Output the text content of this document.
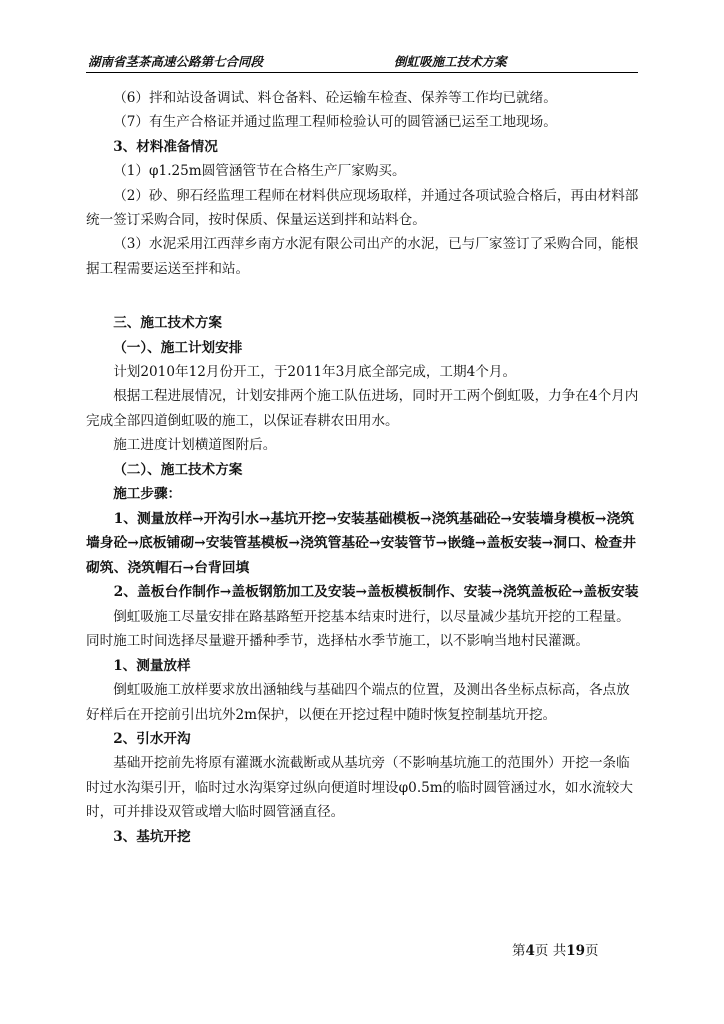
湖南省茎茶高速公路第七合同段	倒虹吸施工技术方案

（6）拌和站设备调试、料仓备料、砼运输车检查、保养等工作均已就绪。

（7）有生产合格证并通过监理工程师检验认可的圆管涵已运至工地现场。

3、材料准备情况

（1）φ1.25m圆管涵管节在合格生产厂家购买。

（2）砂、卵石经监理工程师在材料供应现场取样，并通过各项试验合格后，再由材料部统一签订采购合同，按时保质、保量运送到拌和站料仓。

（3）水泥采用江西萍乡南方水泥有限公司出产的水泥，已与厂家签订了采购合同，能根据工程需要运送至拌和站。

三、施工技术方案

（一）、施工计划安排

计划2010年12月份开工，于2011年3月底全部完成，工期4个月。

根据工程进展情况，计划安排两个施工队伍进场，同时开工两个倒虹吸，力争在4个月内完成全部四道倒虹吸的施工，以保证春耕农田用水。

施工进度计划横道图附后。

（二）、施工技术方案

施工步骤：

1、测量放样→开沟引水→基坑开挖→安装基础模板→浇筑基础砼→安装墙身模板→浇筑墙身砼→底板铺砌→安装管基模板→浇筑管基砼→安装管节→嵌缝→盖板安装→洞口、检查井砌筑、浇筑帽石→台背回填

2、盖板台作制作→盖板钢筋加工及安装→盖板模板制作、安装→浇筑盖板砼→盖板安装

倒虹吸施工尽量安排在路基路堑开挖基本结束时进行，以尽量减少基坑开挖的工程量。同时施工时间选择尽量避开播种季节，选择枯水季节施工，以不影响当地村民灌溉。

1、测量放样

倒虹吸施工放样要求放出涵轴线与基础四个端点的位置，及测出各坐标点标高，各点放好样后在开挖前引出坑外2m保护，以便在开挖过程中随时恢复控制基坑开挖。

2、引水开沟

基础开挖前先将原有灌溉水流截断或从基坑旁（不影响基坑施工的范围外）开挖一条临时过水沟渠引开，临时过水沟渠穿过纵向便道时埋设φ0.5m的临时圆管涵过水，如水流较大时，可并排设双管或增大临时圆管涵直径。

3、基坑开挖

第4页 共19页
